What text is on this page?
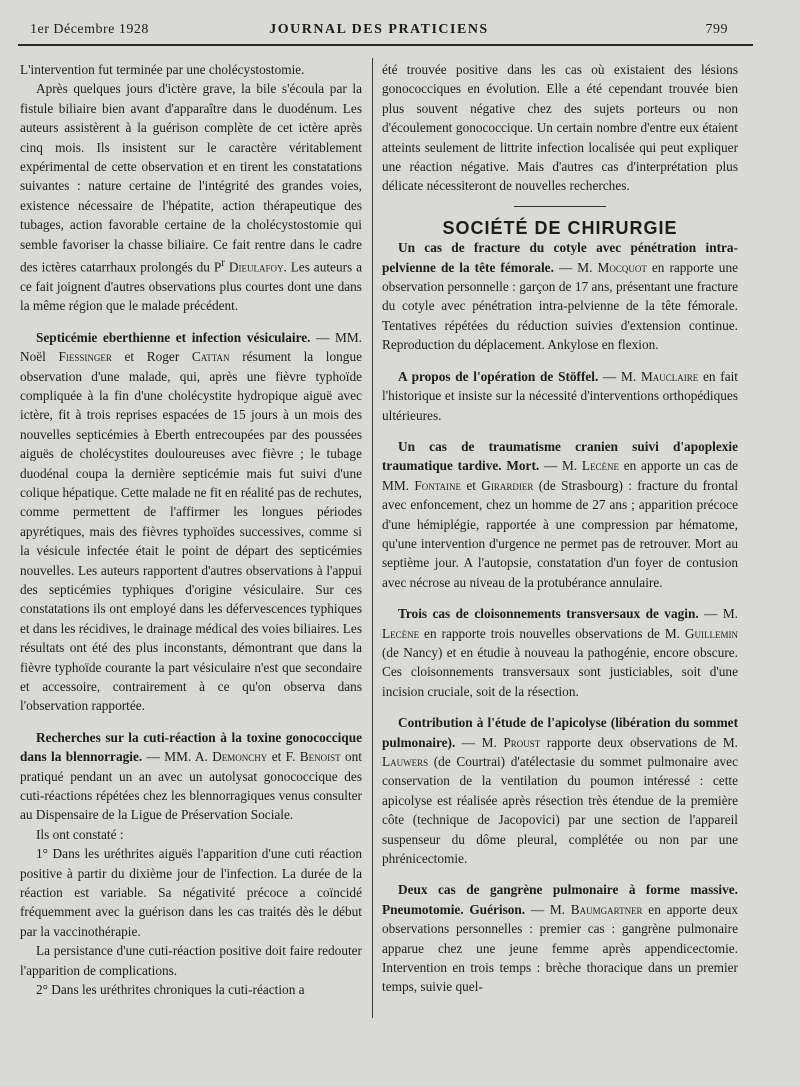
1er Décembre 1928	JOURNAL DES PRATICIENS	799

L'intervention fut terminée par une cholécystostomie.

Après quelques jours d'ictère grave, la bile s'écoula par la fistule biliaire bien avant d'apparaître dans le duodénum. Les auteurs assistèrent à la guérison complète de cet ictère après cinq mois. Ils insistent sur le caractère véritablement expérimental de cette observation et en tirent les constatations suivantes : nature certaine de l'intégrité des grandes voies, existence nécessaire de l'hépatite, action thérapeutique des tubages, action favorable certaine de la cholécystostomie qui semble favoriser la chasse biliaire. Ce fait rentre dans le cadre des ictères catarrhaux prolongés du $P^r$ Dieulafoy. Les auteurs a ce fait joignent d'autres observations plus courtes dont une dans la même région que le malade précédent.

Septicémie eberthienne et infection vésiculaire. — MM. Noël Fiessinger et Roger Cattan résument la longue observation d'une malade, qui, après une fièvre typhoïde compliquée à la fin d'une cholécystite hydropique aiguë avec ictère, fit à trois reprises espacées de 15 jours à un mois des nouvelles septicémies à Eberth entrecoupées par des poussées aiguës de cholécystites douloureuses avec fièvre ; le tubage duodénal coupa la dernière septicémie mais fut suivi d'une colique hépatique. Cette malade ne fit en réalité pas de rechutes, comme permettent de l'affirmer les longues périodes apyrétiques, mais des fièvres typhoïdes successives, comme si la vésicule infectée était le point de départ des septicémies nouvelles. Les auteurs rapportent d'autres observations à l'appui des septicémies typhiques d'origine vésiculaire. Sur ces constatations ils ont employé dans les défervescences typhiques et dans les récidives, le drainage médical des voies biliaires. Les résultats ont été des plus inconstants, démontrant que dans la fièvre typhoïde courante la part vésiculaire n'est que secondaire et accessoire, contrairement à ce qu'on observa dans l'observation rapportée.

Recherches sur la cuti-réaction à la toxine gonococcique dans la blennorragie. — MM. A. Demonchy et F. Benoist ont pratiqué pendant un an avec un autolysat gonococcique des cuti-réactions répétées chez les blennorragiques venus consulter au Dispensaire de la Ligue de Préservation Sociale.

Ils ont constaté :

1° Dans les uréthrites aiguës l'apparition d'une cuti réaction positive à partir du dixième jour de l'infection. La durée de la réaction est variable. Sa négativité précoce a coïncidé fréquemment avec la guérison dans les cas traités dès le début par la vaccinothérapie.

La persistance d'une cuti-réaction positive doit faire redouter l'apparition de complications.

2° Dans les uréthrites chroniques la cuti-réaction a

été trouvée positive dans les cas où existaient des lésions gonococciques en évolution. Elle a été cependant trouvée bien plus souvent négative chez des sujets porteurs ou non d'écoulement gonococcique. Un certain nombre d'entre eux étaient atteints seulement de littrite infection localisée qui peut expliquer une réaction négative. Mais d'autres cas d'interprétation plus délicate nécessiteront de nouvelles recherches.

SOCIÉTÉ DE CHIRURGIE

Un cas de fracture du cotyle avec pénétration intra-pelvienne de la tête fémorale. — M. Mocquot en rapporte une observation personnelle : garçon de 17 ans, présentant une fracture du cotyle avec pénétration intra-pelvienne de la tête fémorale. Tentatives répétées du réduction suivies d'extension continue. Reproduction du déplacement. Ankylose en flexion.

A propos de l'opération de Stöffel. — M. Mauclaire en fait l'historique et insiste sur la nécessité d'interventions orthopédiques ultérieures.

Un cas de traumatisme cranien suivi d'apoplexie traumatique tardive. Mort. — M. Lecène en apporte un cas de MM. Fontaine et Girardier (de Strasbourg) : fracture du frontal avec enfoncement, chez un homme de 27 ans ; apparition précoce d'une hémiplégie, rapportée à une compression par hématome, qu'une intervention d'urgence ne permet pas de retrouver. Mort au septième jour. A l'autopsie, constatation d'un foyer de contusion avec nécrose au niveau de la protubérance annulaire.

Trois cas de cloisonnements transversaux de vagin. — M. Lecène en rapporte trois nouvelles observations de M. Guillemin (de Nancy) et en étudie à nouveau la pathogénie, encore obscure. Ces cloisonnements transversaux sont justiciables, soit d'une incision cruciale, soit de la résection.

Contribution à l'étude de l'apicolyse (libération du sommet pulmonaire). — M. Proust rapporte deux observations de M. Lauwers (de Courtrai) d'atélectasie du sommet pulmonaire avec conservation de la ventilation du poumon intéressé : cette apicolyse est réalisée après résection très étendue de la première côte (technique de Jacopovici) par une section de l'appareil suspenseur du dôme pleural, complétée ou non par une phrénicectomie.

Deux cas de gangrène pulmonaire à forme massive. Pneumotomie. Guérison. — M. Baumgartner en apporte deux observations personnelles : premier cas : gangrène pulmonaire apparue chez une jeune femme après appendicectomie. Intervention en trois temps : brèche thoracique dans un premier temps, suivie quel-
